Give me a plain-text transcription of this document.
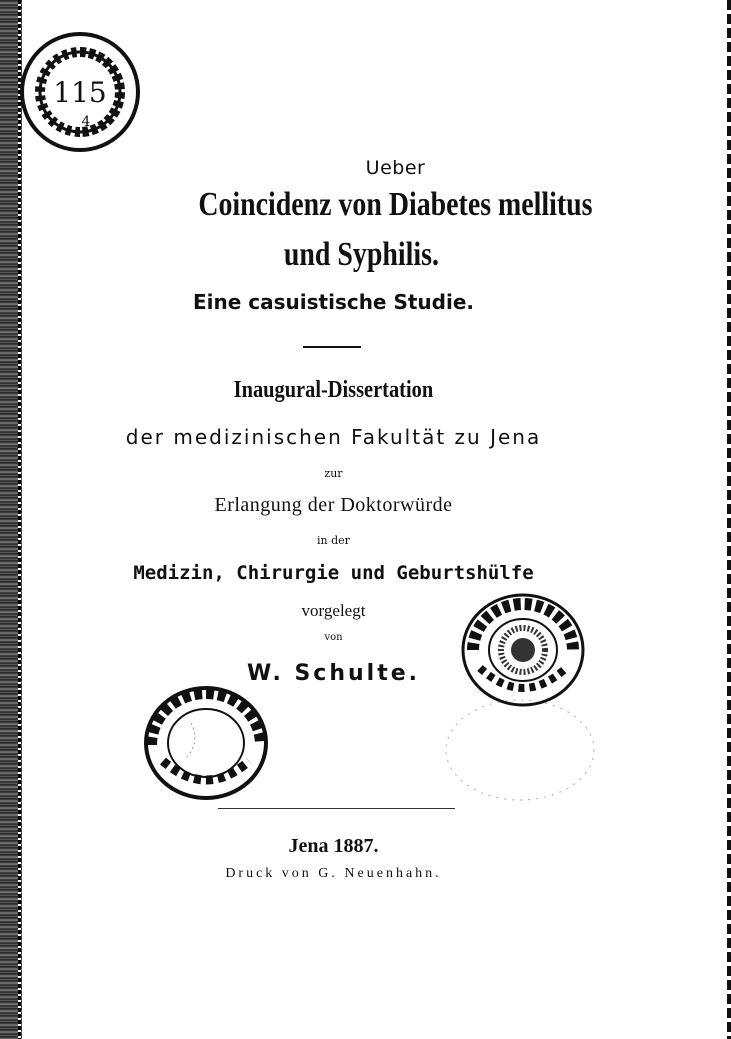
115
4
Ueber
Coincidenz von Diabetes mellitus
und Syphilis.
Eine casuistische Studie.
Inaugural-Dissertation
der medizinischen Fakultät zu Jena
zur
Erlangung der Doktorwürde
in der
Medizin, Chirurgie und Geburtshülfe
vorgelegt
von
W. Schulte.
Jena 1887.
Druck von G. Neuenhahn.
